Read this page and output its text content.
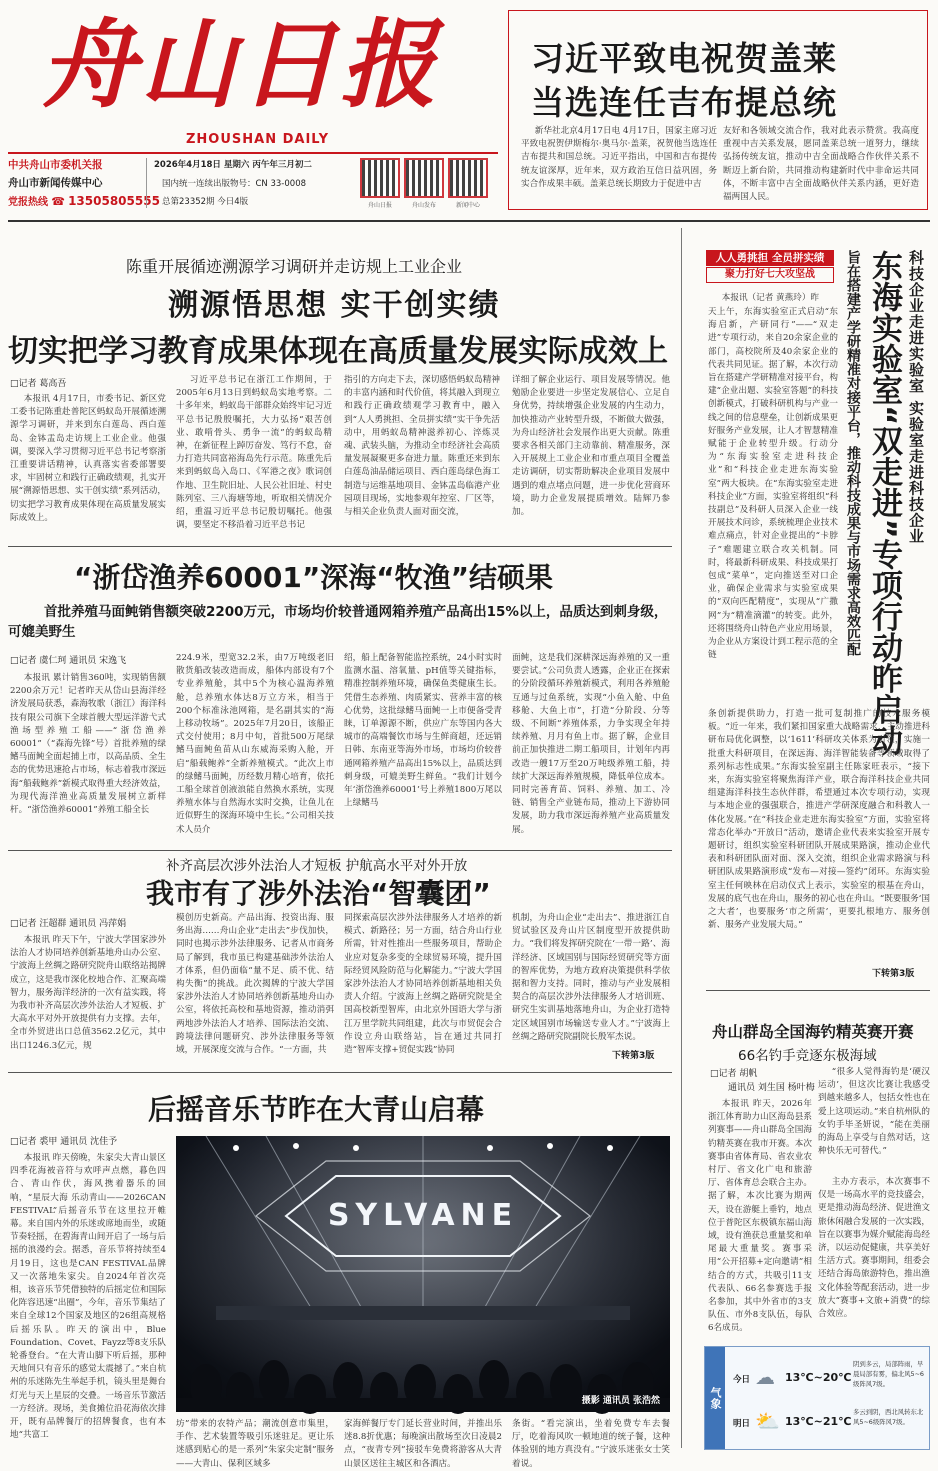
舟山日报
ZHOUSHAN DAILY
中共舟山市委机关报
舟山市新闻传媒中心
党报热线 ☎ 13505805555
2026年4月18日 星期六 丙午年三月初二
国内统一连续出版物号：CN 33-0008
总第23352期 今日4版	舟山日报	舟山发布	新闻中心
习近平致电祝贺盖莱
当选连任吉布提总统
新华社北京4月17日电 4月17日，国家主席习近平致电祝贺伊斯梅尔·奥马尔·盖莱，祝贺他当选连任吉布提共和国总统。习近平指出，中国和吉布提传统友谊深厚，近年来，双方政治互信日益巩固，务实合作成果丰硕。盖莱总统长期致力于促进中吉
友好和各领域交流合作，我对此表示赞赏。我高度重视中吉关系发展，愿同盖莱总统一道努力，继续弘扬传统友谊，推动中吉全面战略合作伙伴关系不断迈上新台阶，共同推动构建新时代中非命运共同体，不断丰富中吉全面战略伙伴关系内涵，更好造福两国人民。
陈重开展循迹溯源学习调研并走访规上工业企业
溯源悟思想 实干创实绩
切实把学习教育成果体现在高质量发展实际成效上
□记者 葛高吾
本报讯 4月17日，市委书记、新区党工委书记陈重赴普陀区蚂蚁岛开展循迹溯源学习调研，并来到东白莲岛、西白莲岛、金钵盂岛走访规上工业企业。他强调，要深入学习贯彻习近平总书记考察浙江重要讲话精神，认真落实省委部署要求，牢固树立和践行正确政绩观，扎实开展“溯源悟思想、实干创实绩”系列活动，切实把学习教育成果体现在高质量发展实际成效上。
习近平总书记在浙江工作期间，于2005年6月13日到蚂蚁岛实地考察。二十多年来，蚂蚁岛干部群众始终牢记习近平总书记殷殷嘱托，大力弘扬“艰苦创业、敢啃骨头、勇争一流”的蚂蚁岛精神，在新征程上踔厉奋发、笃行不怠，奋力打造共同富裕海岛先行示范。陈重先后来到蚂蚁岛入岛口、《军港之夜》歌词创作地、卫生院旧址、人民公社旧址、村史陈列室、三八海塘等地，听取相关情况介绍，重温习近平总书记殷切嘱托。他强调，要坚定不移沿着习近平总书记
指引的方向走下去，深切感悟蚂蚁岛精神的丰富内涵和时代价值，将其融入到现立和践行正确政绩观学习教育中，融入到“人人勇挑担、全员拼实绩”实干争先活动中，用蚂蚁岛精神滋养初心、淬炼灵魂、武装头脑，为推动全市经济社会高质量发展凝聚更多奋进力量。陈重还来到东白莲岛油品储运项目、西白莲岛绿色海工制造与运维基地项目、金钵盂岛临港产业园项目现场，实地参观年控室、厂区等，与相关企业负责人面对面交流，
详细了解企业运行、项目发展等情况。他勉励企业要进一步坚定发展信心、立足自身优势，持续增强企业发展的内生动力，加快推动产业转型升级，不断做大做强，为舟山经济社会发展作出更大贡献。陈重要求各相关部门主动靠前、精准服务，深入开展规上工业企业和市重点项目全覆盖走访调研，切实帮助解决企业项目发展中遇到的难点堵点问题，进一步优化营商环境，助力企业发展提质增效。陆辉乃参加。
“浙岱渔养60001”深海“牧渔”结硕果
首批养殖马面鲀销售额突破2200万元，市场均价较普通网箱养殖产品高出15%以上，品质达到刺身级，可媲美野生
□记者 虞仁珂 通讯员 宋逸飞
本报讯 累计销售360吨，实现销售额2200余万元！记者昨天从岱山县海洋经济发展局获悉，森海牧歌（浙江）海洋科技有限公司旗下全球首艘大型远洋游弋式渔场型养殖工船——“浙岱渔养60001”（“森海先锋”号）首批养殖的绿鳍马面鲀全面起捕上市，以高品质、全生态的优势迅速抢占市场，标志着我市深远海“船载鲍养”新模式取得重大经济效益，为现代海洋渔业高质量发展树立新样杆。“浙岱渔养60001”养殖工船全长
224.9米，型宽32.2米，由7万吨级老旧散货船改装改造而成，船体内部设有7个专业养殖舱，其中5个为核心温海养殖舱，总养殖水体达8万立方米，相当于200个标准泳池网箱，是名副其实的“海上移动牧场”。2025年7月20日，该船正式交付使用；8月中旬，首批500万尾绿鳍马面鲀鱼苗从山东威海采购入舱，开启“船载鲍养”全新养殖模式。“此次上市的绿鳍马面鲀，历经数月精心培育，依托工船全球首创液浪能自然换水系统，实现养殖水体与自然海水实时交换，让鱼儿在近似野生的深海环境中生长。”公司相关技术人员介
绍，船上配备智能监控系统，24小时实时监测水温、溶氧量、pH值等关键指标，精准控制养殖环境，确保鱼类健康生长。凭借生态养殖、肉质紧实、营养丰富的核心优势，这批绿鳍马面鲀一上市便备受青睐，订单源源不断，供应广东等国内各大城市的高端餐饮市场与生鲜商超，还远销日韩、东南亚等海外市场，市场均价较普通网箱养殖产品高出15%以上，品质达到刺身级，可媲美野生鲜鱼。“我们计划今年‘浙岱渔养60001’号上养殖1800万尾以上绿鳍马
面鲀，这是我们深耕深远海养殖的又一重要尝试。”公司负责人透露，企业正在探索的分阶段循环养殖新模式，利用各养殖舱互通与过鱼系统，实现“小鱼入舱、中鱼移舱、大鱼上市”，打造“分阶段、分等级、不间断”养殖体系，力争实现全年持续养殖、月月有鱼上市。据了解，企业目前正加快推进二期工船项目，计划年内再改造一艘17万至20万吨级养殖工船，持续扩大深远海养殖规模，降低单位成本。同时完善育苗、饲料、养殖、加工、冷链、销售全产业链布局，推动上下游协同发展，助力我市深远海养殖产业高质量发展。
补齐高层次涉外法治人才短板 护航高水平对外开放
我市有了涉外法治“智囊团”
□记者 汪超群 通讯员 冯萍娟
本报讯 昨天下午，宁波大学国家涉外法治人才协同培养创新基地舟山办公室、宁波海上丝绸之路研究院舟山联络站揭牌成立，这是我市深化校地合作、汇聚高端智力，服务海洋经济的一次有益实践，将为我市补齐高层次涉外法治人才短板、扩大高水平对外开放提供有力支撑。去年，全市外贸进出口总值3562.2亿元，其中出口1246.3亿元，规
模创历史新高。产品出海、投资出海、服务出海……舟山企业“走出去”步伐加快，同时也揭示涉外法律服务、记者从市商务局了解到，我市虽已构建基础涉外法治人才体系，但仍面临“量不足、质不优、结构失衡”的挑战。此次揭牌的宁波大学国家涉外法治人才协同培养创新基地舟山办公室，将依托高校和基地资源，推动消弭两地涉外法治人才培养、国际法治交流、跨境法律问题研究、涉外法律服务等领域，开展深度交流与合作。“一方面，共
同探索高层次涉外法律服务人才培养的新模式、新路径；另一方面，结合舟山行业所需，针对性推出一些服务项目，帮助企业应对复杂多变的全球贸易环境，提升国际经贸风险防范与化解能力。”宁波大学国家涉外法治人才协同培养创新基地相关负责人介绍。宁波海上丝绸之路研究院是全国高校新型智库，由北京外国语大学与浙江万里学院共同组建，此次与市贸促会合作设立舟山联络站，旨在通过共同打造“智库支撑+贸促实践”协同
机制，为舟山企业“走出去”、推进浙江自贸试验区及舟山片区制度型开放提供助力。“我们将发挥研究院在‘一带一路’、海洋经济、区域国别与国际经贸研究等方面的智库优势，为地方政府决策提供科学依据和智力支持。同时，推动与产业发展相契合的高层次涉外法律服务人才培训班、研究生实训基地落地舟山，为企业打造特定区域国别市场输送专业人才。”宁波海上丝绸之路研究院副院长殷军杰说。
下转第3版
后摇音乐节昨在大青山启幕
□记者 裘甲 通讯员 沈佳予
本报讯 昨天傍晚，朱家尖大青山景区四季花海被音符与欢呼声点燃，暮色四合、青山作伏，海风携着器乐的回响，“星辰大海 乐动青山——2026CAN FESTIVAL”后摇音乐节在这里拉开帷幕。来自国内外的乐迷或席地而坐，或随节奏轻摇，在碧海青山间开启了一场与后摇的浪漫约会。据悉，音乐节将持续至4月19日，这也是CAN FESTIVAL品牌又一次落地朱家尖。自2024年首次亮相，该音乐节凭借独特的后摇定位和国际化阵容迅速“出圈”，今年，音乐节集结了来自全球12个国家及地区的26组高规格后摇乐队。昨天的演出中，Blue Foundation、Covet、Fayzz等8支乐队轮番登台。“在大青山脚下听后摇，那种天地间只有音乐的感觉太震撼了。”来自杭州的乐迷陈先生举起手机，镜头里是舞台灯光与天上星辰的交叠。一场音乐节激活一方经济。现场，美食摊位沿花海依次排开，既有品牌餐厅的招牌餐食，也有本地“共富工
SYLVANE
摄影 通讯员 张浩然
坊”带来的农特产品；潮流创意市集里，手作、艺术装置等吸引乐迷驻足。更让乐迷感到贴心的是一系列“朱家尖定制”服务——大青山、保利区域多
家海鲜餐厅专门延长营业时间，并推出乐迷8.8折优惠；每晚演出散场至次日凌晨2点，“夜青专列”接驳车免费将游客从大青山景区送往主城区和各酒店。
条街。“看完演出，坐着免费专车去餐厅，吃着海风吹一顿地道的统子餐，这种体验别的地方真没有。”宁波乐迷张女士笑着说。
人人勇挑担 全员拼实绩
聚力打好七大攻坚战	科技企业走进实验室 实验室走进科技企业
东海实验室“双走进”专项行动昨启动
旨在搭建产学研精准对接平台，推动科技成果与市场需求高效匹配
本报讯（记者 黄燕玲）昨
天上午，东海实验室正式启动“东海启新，产研同行”——“双走进”专项行动，来自20余家企业的部门，高校院所及40余家企业的代表共同见证。据了解，本次行动旨在搭建产学研精准对接平台，构建“企业出题、实验室答题”的科技创新模式，打破科研机构与产业一线之间的信息壁垒，让创新成果更好服务产业发展，让人才智慧精准赋能于企业转型升级。行动分为“东海实验室走进科技企业”和“科技企业走进东海实验室”两大板块。在“东海实验室走进科技企业”方面，实验室将组织“科技副总”及科研人员深入企业一线开展技术问诊，系统梳理企业技术难点痛点，针对企业提出的“卡脖子”难题建立联合攻关机制。同时，将最新科研成果、科技成果打包成“菜单”，定向推送至对口企业，确保企业需求与实验室成果的“双向匹配精度”，实现从“广撒网”为“精准滴灌”的转变。此外，还将围绕舟山特色产业应用场景，为企业从方案设计到工程示范的全链
条创新提供助力，打造一批可复制推广的技术服务模板。“近一年来，我们紧扣国家重大战略需求，主动推进科研布局优化调整，以‘1611’科研攻关体系为引领，实施一批重大科研项目，在深远海、海洋智能装备等领域取得了系列标志性成果。”东海实验室副主任陈家旺表示，“接下来，东海实验室将聚焦海洋产业，联合海洋科技企业共同组建海洋科技生态伙伴群，希望通过本次专项行动，实现与本地企业的强强联合，推进产学研深度融合和科教人一体化发展。”在“科技企业走进东海实验室”方面，实验室将常态化举办“开放日”活动，邀请企业代表来实验室开展专题研讨，组织实验室科研团队开展成果路演，推动企业代表和科研团队面对面、深入交流，组织企业需求路演与科研团队成果路演形成“发布—对接—签约”闭环。东海实验室主任何映林在启动仪式上表示，实验室的根基在舟山，发展的底气也在舟山，服务的初心也在舟山。“既要服务‘国之大者’，也要服务‘市之所需’，更要扎根地方、服务创新、服务产业发展大局。”
下转第3版
舟山群岛全国海钓精英赛开赛
66名钓手竞逐东极海域
□记者 胡帆
通讯员 刘生国 杨叶梅
“很多人觉得海钓是‘硬汉运动’，但这次比赛让我感受到越来越多人，包括女性也在爱上这项运动。”来自杭州队的女钓手毕圣妍说，“能在美丽的海岛上享受与自然对话，这种快乐无可替代。”
本报讯 昨天，2026年浙江体育助力山区海岛县系列赛事——舟山群岛全国海钓精英赛在我市开赛。本次赛事由省体育局、省农业农村厅、省文化广电和旅游厅、省体育总会联合主办。据了解，本次比赛为期两天，设在游艇上垂钓，地点位于普陀区东极镇东福山海域，设有渔获总重量奖和单尾最大重量奖。赛事采用“公开招募+定向邀请”相结合的方式，共吸引11支代表队、66名参赛选手报名参加，其中外省市的3支队伍、市外8支队伍，每队6名成员。
主办方表示，本次赛事不仅是一场高水平的竞技盛会，更是推动海岛经济、促进渔文旅休闲融合发展的一次实践，旨在以赛事为媒介赋能海岛经济，以运动促健康，共享美好生活方式。赛事期间，组委会还结合海岛旅游特色，推出渔文化体验等配套活动，进一步放大“赛事+文旅+消费”的综合效应。
气象
今日 ☁ 13℃~20℃
阴到多云，局部阵雨，早晨局部有雾，偏北风5~6级阵风7级。
明日 ⛅ 13℃~21℃
多云到阴，西北风转东北风5~6级阵风7级。
